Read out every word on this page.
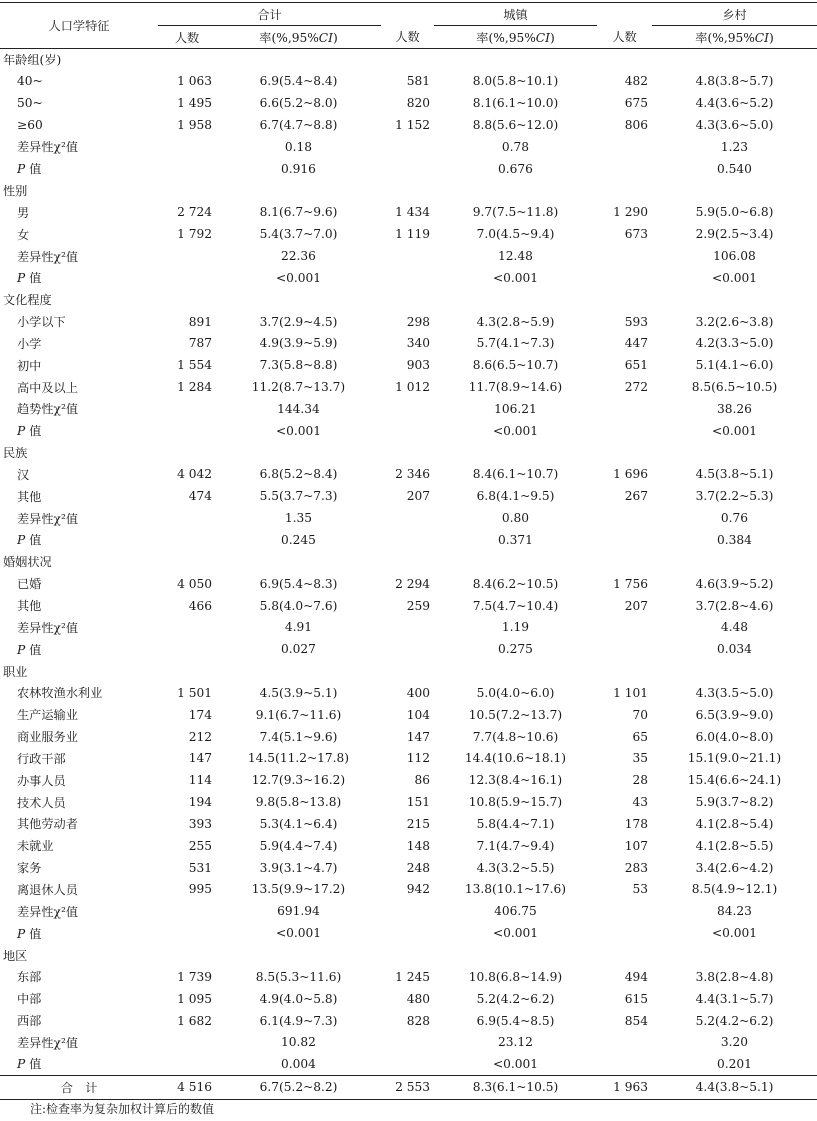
人口学特征	合计			城镇		乡村
	人数	率(%,95%CI)	人数	率(%,95%CI)	人数	率(%,95%CI)
年龄组(岁)						
40~	1 063	6.9(5.4~8.4)	581	8.0(5.8~10.1)	482	4.8(3.8~5.7)
50~	1 495	6.6(5.2~8.0)	820	8.1(6.1~10.0)	675	4.4(3.6~5.2)
≥60	1 958	6.7(4.7~8.8)	1 152	8.8(5.6~12.0)	806	4.3(3.6~5.0)
差异性χ²值		0.18		0.78		1.23
P 值		0.916		0.676		0.540
性别						
男	2 724	8.1(6.7~9.6)	1 434	9.7(7.5~11.8)	1 290	5.9(5.0~6.8)
女	1 792	5.4(3.7~7.0)	1 119	7.0(4.5~9.4)	673	2.9(2.5~3.4)
差异性χ²值		22.36		12.48		106.08
P 值		<0.001		<0.001		<0.001
文化程度						
小学以下	891	3.7(2.9~4.5)	298	4.3(2.8~5.9)	593	3.2(2.6~3.8)
小学	787	4.9(3.9~5.9)	340	5.7(4.1~7.3)	447	4.2(3.3~5.0)
初中	1 554	7.3(5.8~8.8)	903	8.6(6.5~10.7)	651	5.1(4.1~6.0)
高中及以上	1 284	11.2(8.7~13.7)	1 012	11.7(8.9~14.6)	272	8.5(6.5~10.5)
趋势性χ²值		144.34		106.21		38.26
P 值		<0.001		<0.001		<0.001
民族						
汉	4 042	6.8(5.2~8.4)	2 346	8.4(6.1~10.7)	1 696	4.5(3.8~5.1)
其他	474	5.5(3.7~7.3)	207	6.8(4.1~9.5)	267	3.7(2.2~5.3)
差异性χ²值		1.35		0.80		0.76
P 值		0.245		0.371		0.384
婚姻状况						
已婚	4 050	6.9(5.4~8.3)	2 294	8.4(6.2~10.5)	1 756	4.6(3.9~5.2)
其他	466	5.8(4.0~7.6)	259	7.5(4.7~10.4)	207	3.7(2.8~4.6)
差异性χ²值		4.91		1.19		4.48
P 值		0.027		0.275		0.034
职业						
农林牧渔水利业	1 501	4.5(3.9~5.1)	400	5.0(4.0~6.0)	1 101	4.3(3.5~5.0)
生产运输业	174	9.1(6.7~11.6)	104	10.5(7.2~13.7)	70	6.5(3.9~9.0)
商业服务业	212	7.4(5.1~9.6)	147	7.7(4.8~10.6)	65	6.0(4.0~8.0)
行政干部	147	14.5(11.2~17.8)	112	14.4(10.6~18.1)	35	15.1(9.0~21.1)
办事人员	114	12.7(9.3~16.2)	86	12.3(8.4~16.1)	28	15.4(6.6~24.1)
技术人员	194	9.8(5.8~13.8)	151	10.8(5.9~15.7)	43	5.9(3.7~8.2)
其他劳动者	393	5.3(4.1~6.4)	215	5.8(4.4~7.1)	178	4.1(2.8~5.4)
未就业	255	5.9(4.4~7.4)	148	7.1(4.7~9.4)	107	4.1(2.8~5.5)
家务	531	3.9(3.1~4.7)	248	4.3(3.2~5.5)	283	3.4(2.6~4.2)
离退休人员	995	13.5(9.9~17.2)	942	13.8(10.1~17.6)	53	8.5(4.9~12.1)
差异性χ²值		691.94		406.75		84.23
P 值		<0.001		<0.001		<0.001
地区						
东部	1 739	8.5(5.3~11.6)	1 245	10.8(6.8~14.9)	494	3.8(2.8~4.8)
中部	1 095	4.9(4.0~5.8)	480	5.2(4.2~6.2)	615	4.4(3.1~5.7)
西部	1 682	6.1(4.9~7.3)	828	6.9(5.4~8.5)	854	5.2(4.2~6.2)
差异性χ²值		10.82		23.12		3.20
P 值		0.004		<0.001		0.201
合　计	4 516	6.7(5.2~8.2)	2 553	8.3(6.1~10.5)	1 963	4.4(3.8~5.1)
注:检查率为复杂加权计算后的数值
